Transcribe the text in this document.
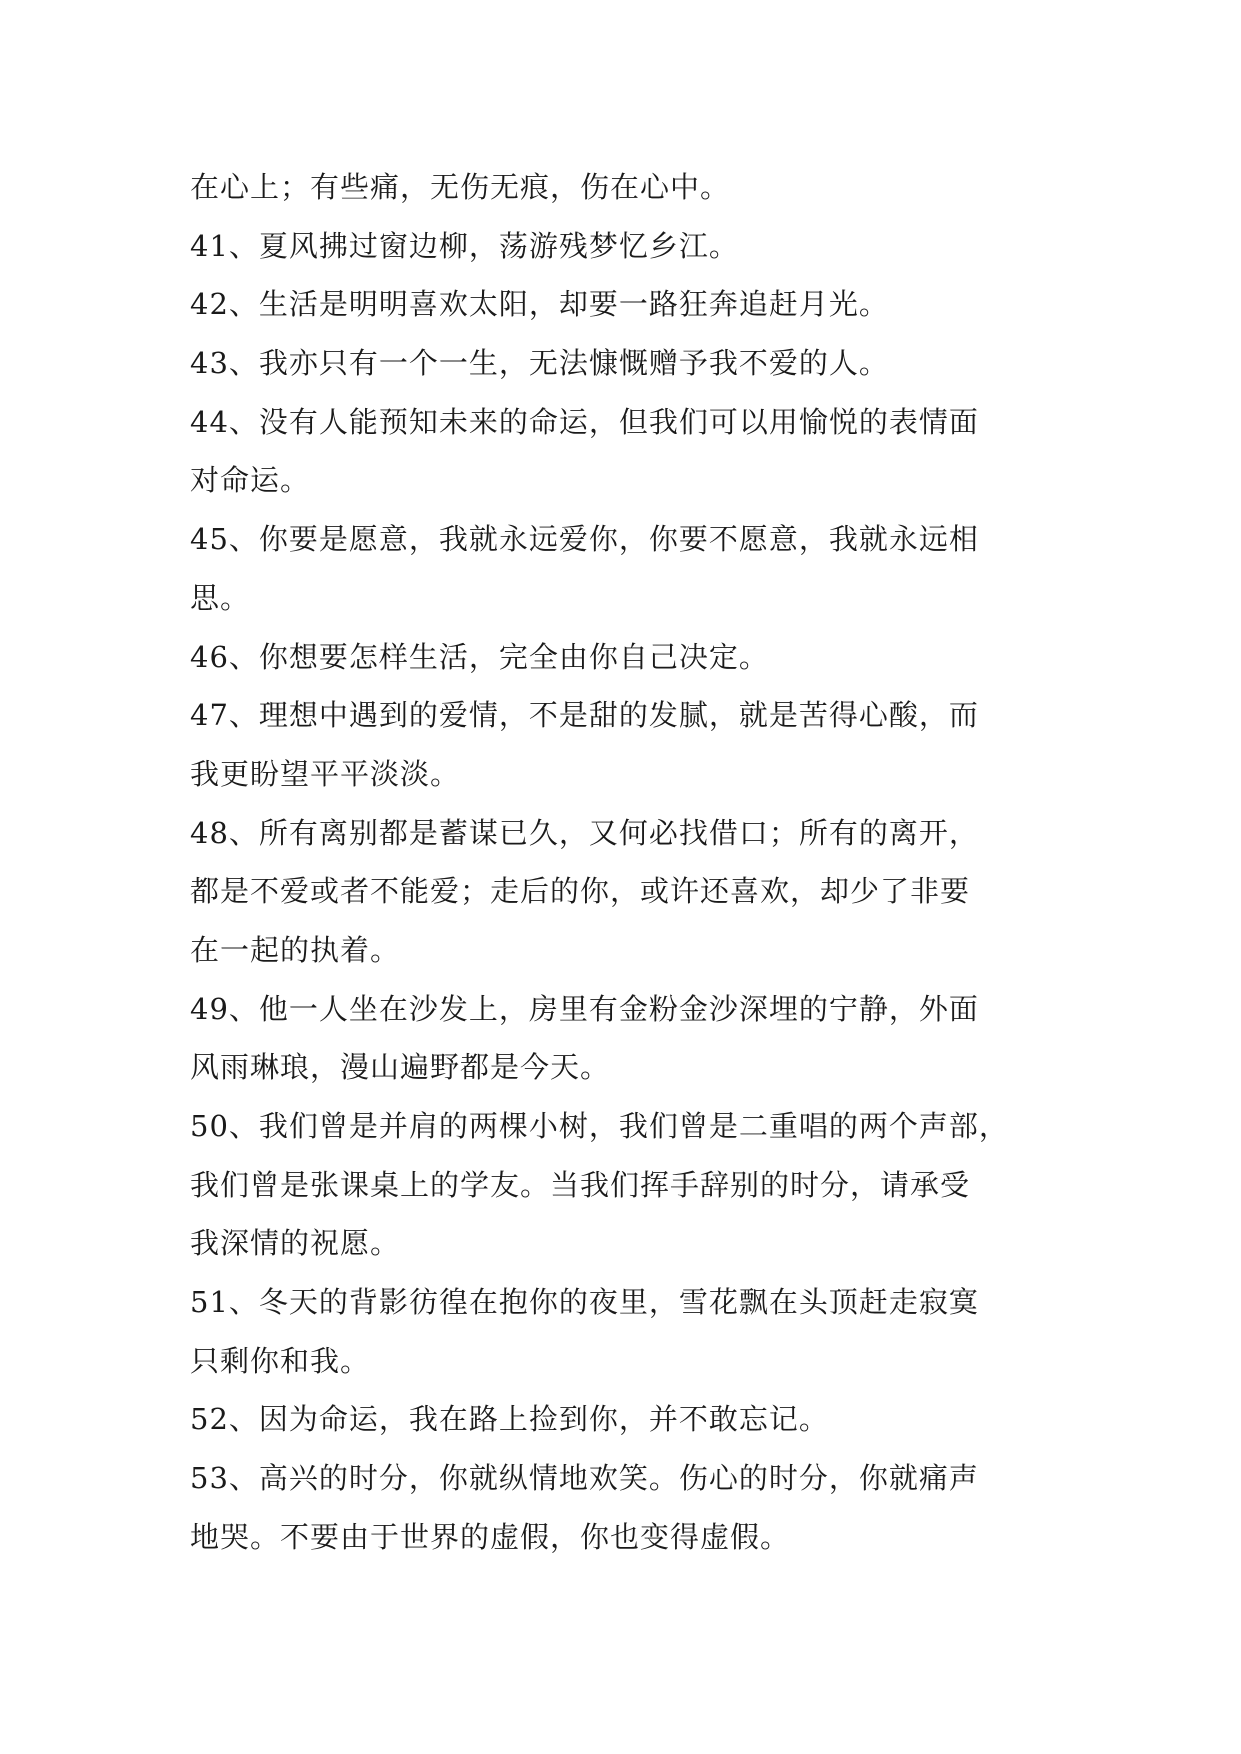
在心上；有些痛，无伤无痕，伤在心中。
41、夏风拂过窗边柳，荡游残梦忆乡江。
42、生活是明明喜欢太阳，却要一路狂奔追赶月光。
43、我亦只有一个一生，无法慷慨赠予我不爱的人。
44、没有人能预知未来的命运，但我们可以用愉悦的表情面
对命运。
45、你要是愿意，我就永远爱你，你要不愿意，我就永远相
思。
46、你想要怎样生活，完全由你自己决定。
47、理想中遇到的爱情，不是甜的发腻，就是苦得心酸，而
我更盼望平平淡淡。
48、所有离别都是蓄谋已久，又何必找借口；所有的离开，
都是不爱或者不能爱；走后的你，或许还喜欢，却少了非要
在一起的执着。
49、他一人坐在沙发上，房里有金粉金沙深埋的宁静，外面
风雨琳琅，漫山遍野都是今天。
50、我们曾是并肩的两棵小树，我们曾是二重唱的两个声部，
我们曾是张课桌上的学友。当我们挥手辞别的时分，请承受
我深情的祝愿。
51、冬天的背影彷徨在抱你的夜里，雪花飘在头顶赶走寂寞
只剩你和我。
52、因为命运，我在路上捡到你，并不敢忘记。
53、高兴的时分，你就纵情地欢笑。伤心的时分，你就痛声
地哭。不要由于世界的虚假，你也变得虚假。
